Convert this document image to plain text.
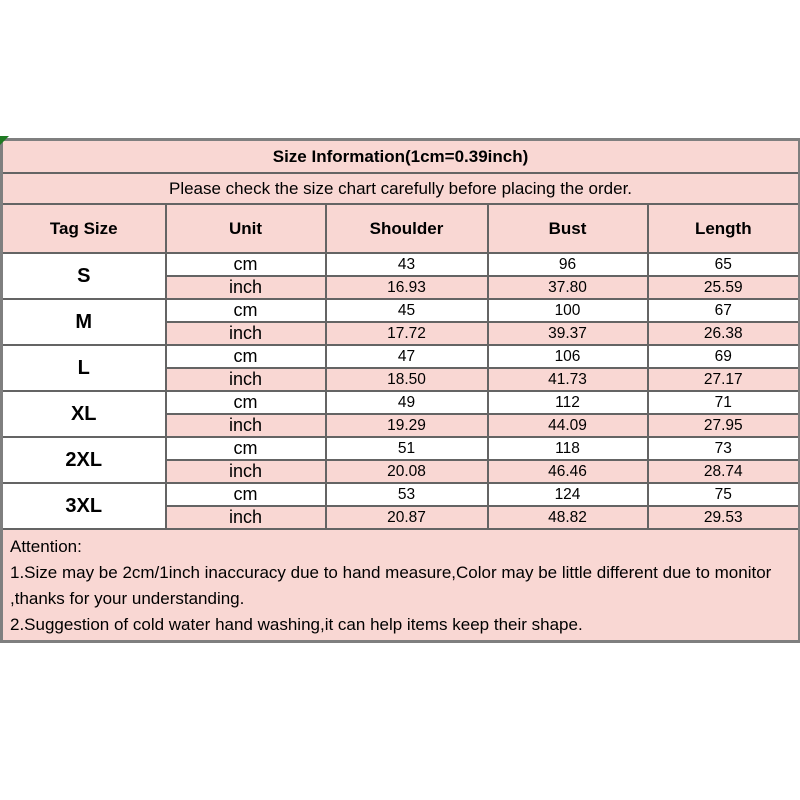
Size Information(1cm=0.39inch)				
Please check the size chart carefully before placing the order.				
Tag Size	Unit	Shoulder	Bust	Length
S	cm	43	96	65
	inch	16.93	37.80	25.59
M	cm	45	100	67
	inch	17.72	39.37	26.38
L	cm	47	106	69
	inch	18.50	41.73	27.17
XL	cm	49	112	71
	inch	19.29	44.09	27.95
2XL	cm	51	118	73
	inch	20.08	46.46	28.74
3XL	cm	53	124	75
	inch	20.87	48.82	29.53

Attention:
1.Size may be 2cm/1inch inaccuracy due to hand measure,Color may be little different due to monitor
,thanks for your understanding.
2.Suggestion of cold water hand washing,it can help items keep their shape.				
